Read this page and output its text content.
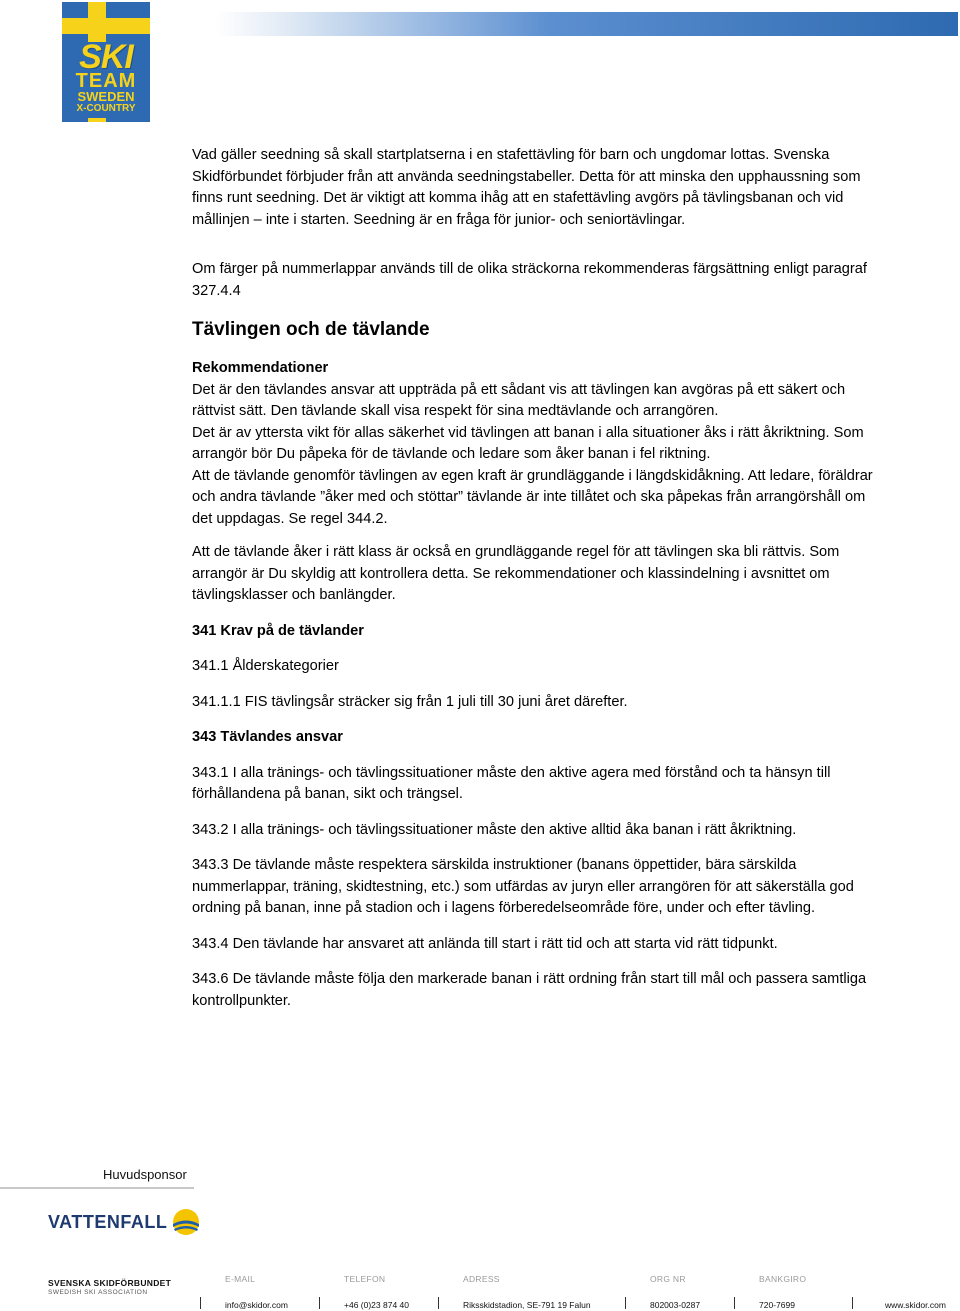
SKI
TEAM
SWEDEN
X-COUNTRY

Vad gäller seedning så skall startplatserna i en stafettävling för barn och ungdomar lottas. Svenska Skidförbundet förbjuder från att använda seedningstabeller. Detta för att minska den upphaussning som finns runt seedning. Det är viktigt att komma ihåg att en stafettävling avgörs på tävlingsbanan och vid mållinjen – inte i starten. Seedning är en fråga för junior- och seniortävlingar.

Om färger på nummerlappar används till de olika sträckorna rekommenderas färgsättning enligt paragraf 327.4.4

Tävlingen och de tävlande

Rekommendationer

Det är den tävlandes ansvar att uppträda på ett sådant vis att tävlingen kan avgöras på ett säkert och rättvist sätt. Den tävlande skall visa respekt för sina medtävlande och arrangören.

Det är av yttersta vikt för allas säkerhet vid tävlingen att banan i alla situationer åks i rätt åkriktning. Som arrangör bör Du påpeka för de tävlande och ledare som åker banan i fel riktning.

Att de tävlande genomför tävlingen av egen kraft är grundläggande i längdskidåkning. Att ledare, föräldrar och andra tävlande ”åker med och stöttar” tävlande är inte tillåtet och ska påpekas från arrangörshåll om det uppdagas. Se regel 344.2.

Att de tävlande åker i rätt klass är också en grundläggande regel för att tävlingen ska bli rättvis. Som arrangör är Du skyldig att kontrollera detta. Se rekommendationer och klassindelning i avsnittet om tävlingsklasser och banlängder.

341 Krav på de tävlander

341.1 Ålderskategorier

341.1.1 FIS tävlingsår sträcker sig från 1 juli till 30 juni året därefter.

343 Tävlandes ansvar

343.1 I alla tränings- och tävlingssituationer måste den aktive agera med förstånd och ta hänsyn till förhållandena på banan, sikt och trängsel.

343.2 I alla tränings- och tävlingssituationer måste den aktive alltid åka banan i rätt åkriktning.

343.3 De tävlande måste respektera särskilda instruktioner (banans öppettider, bära särskilda nummerlappar, träning, skidtestning, etc.) som utfärdas av juryn eller arrangören för att säkerställa god ordning på banan, inne på stadion och i lagens förberedelseområde före, under och efter tävling.

343.4 Den tävlande har ansvaret att anlända till start i rätt tid och att starta vid rätt tidpunkt.

343.6 De tävlande måste följa den markerade banan i rätt ordning från start till mål och passera samtliga kontrollpunkter.

Huvudsponsor
VATTENFALL
SVENSKA SKIDFÖRBUNDET
SWEDISH SKI ASSOCIATION
E-MAIL	TELEFON	ADRESS	ORG NR	BANKGIRO
info@skidor.com	+46 (0)23 874 40	Riksskidstadion, SE-791 19 Falun	802003-0287	720-7699	www.skidor.com
